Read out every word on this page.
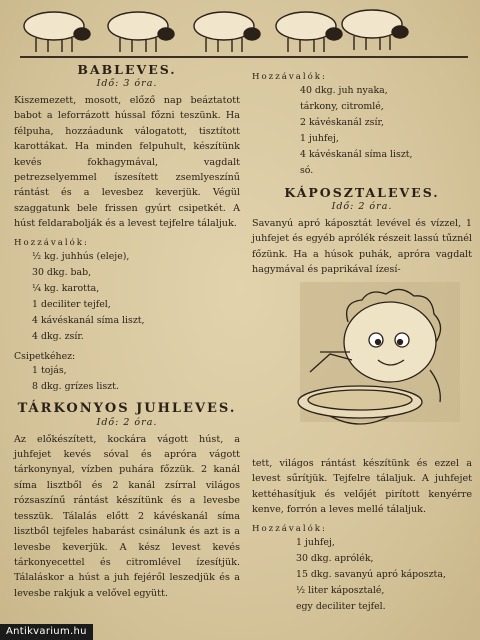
BABLEVES.
Idő: 3 óra.

Kiszemezett, mosott, előző nap beáztatott babot a leforrázott hússal főzni teszünk. Ha félpuha, hozzáadunk válogatott, tisztított karottákat. Ha minden felpuhult, készítünk kevés fokhagymával, vagdalt petrezselyemmel íszesített zsemlyeszínű rántást és a levesbez keverjük. Végül szaggatunk bele frissen gyúrt csipetkét. A húst feldarabolják és a levest tejfelre tálaljuk.

Hozzávalók:
½ kg. juhhús (eleje),
30 dkg. bab,
¼ kg. karotta,
1 deciliter tejfel,
4 kávéskanál síma liszt,
4 dkg. zsír.
Csipetkéhez:
1 tojás,
8 dkg. grízes liszt.
TÁRKONYOS JUHLEVES.
Idő: 2 óra.

Az előkészített, kockára vágott húst, a juhfejet kevés sóval és apróra vágott tárkonynyal, vízben puhára főzzük. 2 kanál síma lisztből és 2 kanál zsírral világos rózsaszínű rántást készítünk és a levesbe tesszük. Tálalás előtt 2 kávéskanál síma lisztből tejfeles habarást csinálunk és azt is a levesbe keverjük. A kész levest kevés tárkonyecettel és citromlével ízesítjük. Tálaláskor a húst a juh fejéről leszedjük és a levesbe rakjuk a velővel együtt.

Hozzávalók:
40 dkg. juh nyaka,
tárkony, citromlé,
2 kávéskanál zsír,
1 juhfej,
4 kávéskanál síma liszt,
só.
KÁPOSZTALEVES.
Idő: 2 óra.

Savanyú apró káposztát levével és vízzel, 1 juhfejet és egyéb aprólék részeit lassú tűznél főzünk. Ha a húsok puhák, apróra vagdalt hagymával és paprikával ízesí-

tett, világos rántást készítünk és ezzel a levest sűrítjük. Tejfelre tálaljuk. A juhfejet kettéhasítjuk és velőjét pirított kenyérre kenve, forrón a leves mellé tálaljuk.

Hozzávalók:
1 juhfej,
30 dkg. aprólék,
15 dkg. savanyú apró káposzta,
½ liter káposztalé,
egy deciliter tejfel.
Antikvarium.hu
